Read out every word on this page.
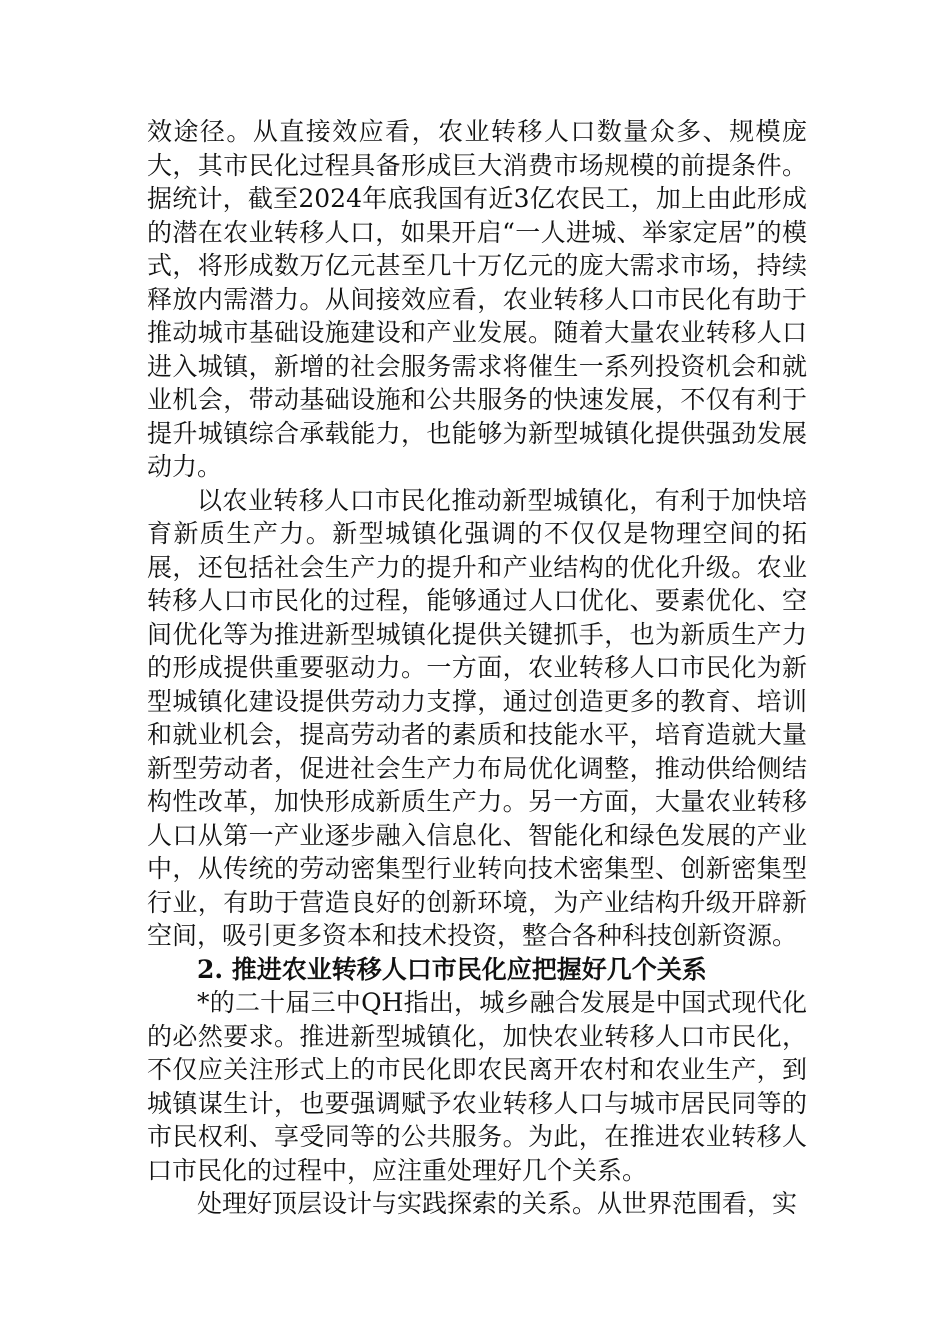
效途径。从直接效应看，农业转移人口数量众多、规模庞大，其市民化过程具备形成巨大消费市场规模的前提条件。据统计，截至2024年底我国有近3亿农民工，加上由此形成的潜在农业转移人口，如果开启“一人进城、举家定居”的模式，将形成数万亿元甚至几十万亿元的庞大需求市场，持续释放内需潜力。从间接效应看，农业转移人口市民化有助于推动城市基础设施建设和产业发展。随着大量农业转移人口进入城镇，新增的社会服务需求将催生一系列投资机会和就业机会，带动基础设施和公共服务的快速发展，不仅有利于提升城镇综合承载能力，也能够为新型城镇化提供强劲发展动力。

以农业转移人口市民化推动新型城镇化，有利于加快培育新质生产力。新型城镇化强调的不仅仅是物理空间的拓展，还包括社会生产力的提升和产业结构的优化升级。农业转移人口市民化的过程，能够通过人口优化、要素优化、空间优化等为推进新型城镇化提供关键抓手，也为新质生产力的形成提供重要驱动力。一方面，农业转移人口市民化为新型城镇化建设提供劳动力支撑，通过创造更多的教育、培训和就业机会，提高劳动者的素质和技能水平，培育造就大量新型劳动者，促进社会生产力布局优化调整，推动供给侧结构性改革，加快形成新质生产力。另一方面，大量农业转移人口从第一产业逐步融入信息化、智能化和绿色发展的产业中，从传统的劳动密集型行业转向技术密集型、创新密集型行业，有助于营造良好的创新环境，为产业结构升级开辟新空间，吸引更多资本和技术投资，整合各种科技创新资源。

2. 推进农业转移人口市民化应把握好几个关系

*的二十届三中QH指出，城乡融合发展是中国式现代化的必然要求。推进新型城镇化，加快农业转移人口市民化，不仅应关注形式上的市民化即农民离开农村和农业生产，到城镇谋生计，也要强调赋予农业转移人口与城市居民同等的市民权利、享受同等的公共服务。为此，在推进农业转移人口市民化的过程中，应注重处理好几个关系。

处理好顶层设计与实践探索的关系。从世界范围看，实
